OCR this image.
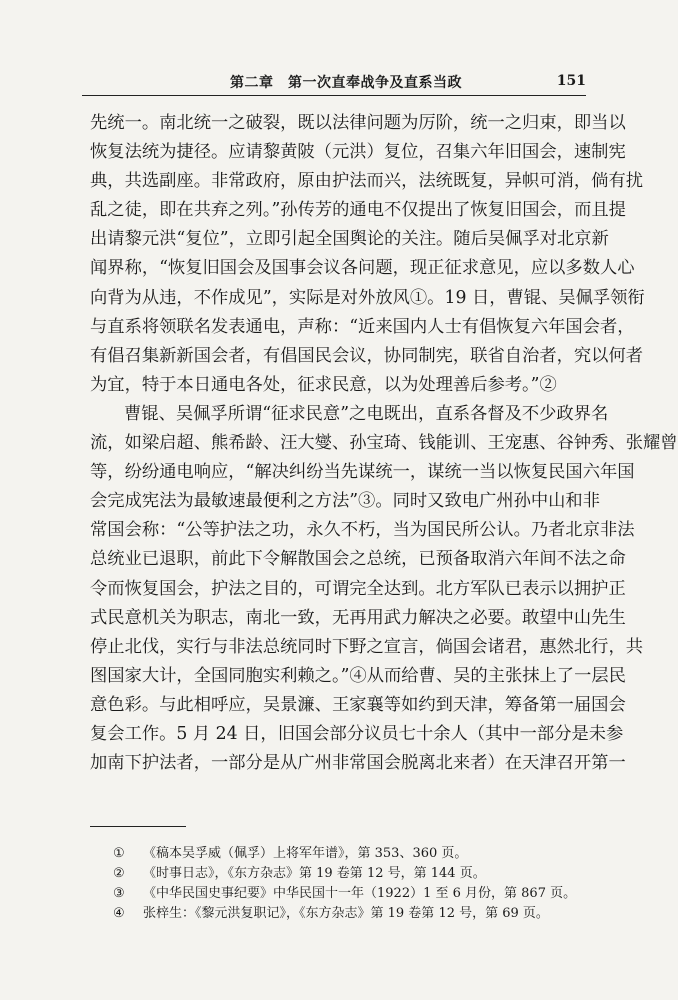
第二章　第一次直奉战争及直系当政	151
先统一。南北统一之破裂，既以法律问题为厉阶，统一之归束，即当以
恢复法统为捷径。应请黎黄陂（元洪）复位，召集六年旧国会，速制宪
典，共选副座。非常政府，原由护法而兴，法统既复，异帜可消，倘有扰
乱之徒，即在共弃之列。”孙传芳的通电不仅提出了恢复旧国会，而且提
出请黎元洪“复位”，立即引起全国舆论的关注。随后吴佩孚对北京新
闻界称，“恢复旧国会及国事会议各问题，现正征求意见，应以多数人心
向背为从违，不作成见”，实际是对外放风①。19 日，曹锟、吴佩孚领衔
与直系将领联名发表通电，声称：“近来国内人士有倡恢复六年国会者，
有倡召集新新国会者，有倡国民会议，协同制宪，联省自治者，究以何者
为宜，特于本日通电各处，征求民意，以为处理善后参考。”②
曹锟、吴佩孚所谓“征求民意”之电既出，直系各督及不少政界名
流，如梁启超、熊希龄、汪大燮、孙宝琦、钱能训、王宠惠、谷钟秀、张耀曾
等，纷纷通电响应，“解决纠纷当先谋统一，谋统一当以恢复民国六年国
会完成宪法为最敏速最便利之方法”③。同时又致电广州孙中山和非
常国会称：“公等护法之功，永久不朽，当为国民所公认。乃者北京非法
总统业已退职，前此下令解散国会之总统，已预备取消六年间不法之命
令而恢复国会，护法之目的，可谓完全达到。北方军队已表示以拥护正
式民意机关为职志，南北一致，无再用武力解决之必要。敢望中山先生
停止北伐，实行与非法总统同时下野之宣言，倘国会诸君，惠然北行，共
图国家大计，全国同胞实利赖之。”④从而给曹、吴的主张抹上了一层民
意色彩。与此相呼应，吴景濂、王家襄等如约到天津，筹备第一届国会
复会工作。5 月 24 日，旧国会部分议员七十余人（其中一部分是未参
加南下护法者，一部分是从广州非常国会脱离北来者）在天津召开第一
① 《稿本吴孚威（佩孚）上将军年谱》，第 353、360 页。
② 《时事日志》，《东方杂志》第 19 卷第 12 号，第 144 页。
③ 《中华民国史事纪要》中华民国十一年（1922）1 至 6 月份，第 867 页。
④ 张梓生：《黎元洪复职记》，《东方杂志》第 19 卷第 12 号，第 69 页。
